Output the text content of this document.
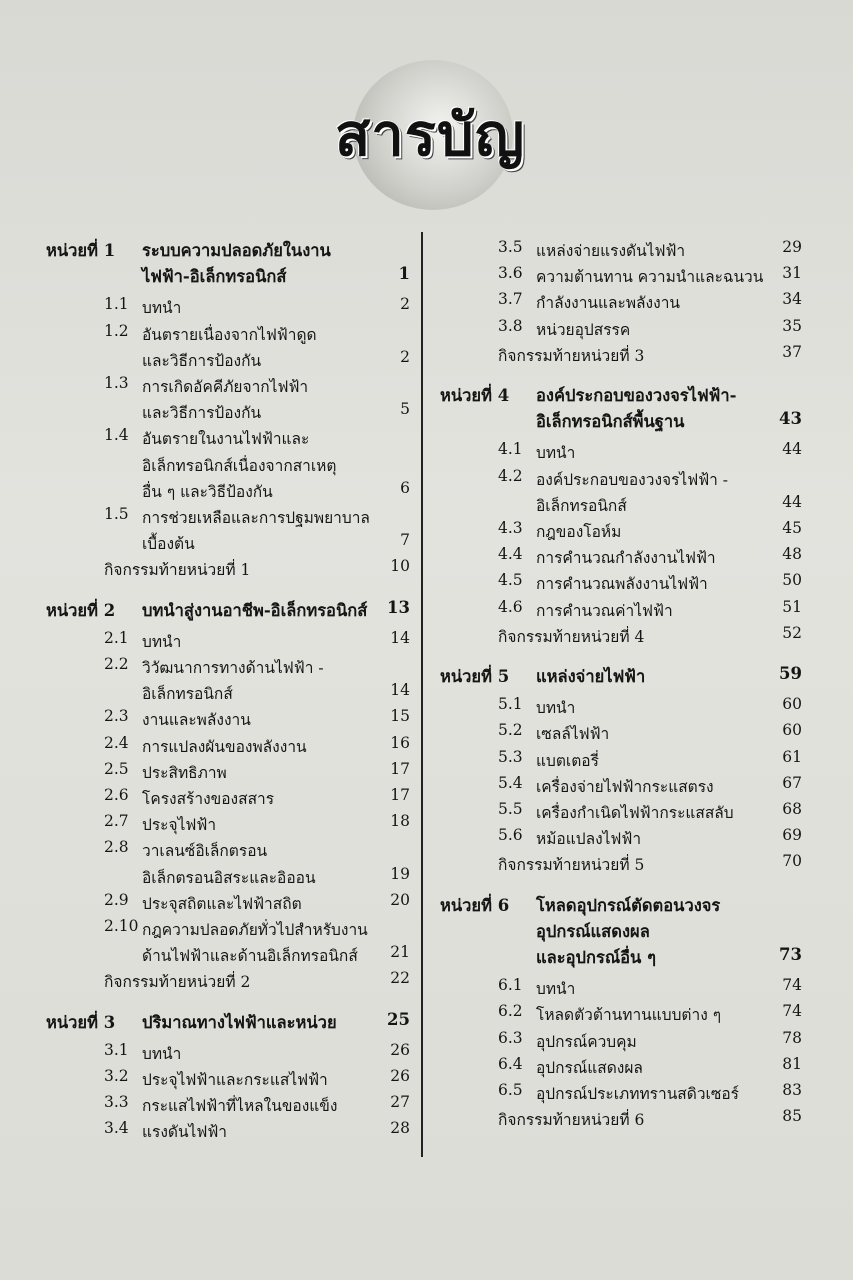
สารบัญ
หน่วยที่ 1 ระบบความปลอดภัยในงาน
ไฟฟ้า-อิเล็กทรอนิกส์	1
1.1 บทนำ	2
1.2 อันตรายเนื่องจากไฟฟ้าดูด
และวิธีการป้องกัน	2
1.3 การเกิดอัคคีภัยจากไฟฟ้า
และวิธีการป้องกัน	5
1.4 อันตรายในงานไฟฟ้าและ
อิเล็กทรอนิกส์เนื่องจากสาเหตุ
อื่น ๆ และวิธีป้องกัน	6
1.5 การช่วยเหลือและการปฐมพยาบาล
เบื้องต้น	7
กิจกรรมท้ายหน่วยที่ 1	10
หน่วยที่ 2 บทนำสู่งานอาชีพ-อิเล็กทรอนิกส์ 13
2.1 บทนำ	14
2.2 วิวัฒนาการทางด้านไฟฟ้า -
อิเล็กทรอนิกส์	14
2.3 งานและพลังงาน	15
2.4 การแปลงผันของพลังงาน	16
2.5 ประสิทธิภาพ	17
2.6 โครงสร้างของสสาร	17
2.7 ประจุไฟฟ้า	18
2.8 วาเลนซ์อิเล็กตรอน
อิเล็กตรอนอิสระและอิออน	19
2.9 ประจุสถิตและไฟฟ้าสถิต	20
2.10 กฎความปลอดภัยทั่วไปสำหรับงาน
ด้านไฟฟ้าและด้านอิเล็กทรอนิกส์ 21
กิจกรรมท้ายหน่วยที่ 2	22
หน่วยที่ 3 ปริมาณทางไฟฟ้าและหน่วย	25
3.1 บทนำ	26
3.2 ประจุไฟฟ้าและกระแสไฟฟ้า	26
3.3 กระแสไฟฟ้าที่ไหลในของแข็ง	27
3.4 แรงดันไฟฟ้า	28
3.5 แหล่งจ่ายแรงดันไฟฟ้า	29
3.6 ความต้านทาน ความนำและฉนวน 31
3.7 กำลังงานและพลังงาน	34
3.8 หน่วยอุปสรรค	35
กิจกรรมท้ายหน่วยที่ 3	37
หน่วยที่ 4 องค์ประกอบของวงจรไฟฟ้า-
อิเล็กทรอนิกส์พื้นฐาน	43
4.1 บทนำ	44
4.2 องค์ประกอบของวงจรไฟฟ้า -
อิเล็กทรอนิกส์	44
4.3 กฎของโอห์ม	45
4.4 การคำนวณกำลังงานไฟฟ้า	48
4.5 การคำนวณพลังงานไฟฟ้า	50
4.6 การคำนวณค่าไฟฟ้า	51
กิจกรรมท้ายหน่วยที่ 4	52
หน่วยที่ 5 แหล่งจ่ายไฟฟ้า	59
5.1 บทนำ	60
5.2 เซลล์ไฟฟ้า	60
5.3 แบตเตอรี่	61
5.4 เครื่องจ่ายไฟฟ้ากระแสตรง	67
5.5 เครื่องกำเนิดไฟฟ้ากระแสสลับ	68
5.6 หม้อแปลงไฟฟ้า	69
กิจกรรมท้ายหน่วยที่ 5	70
หน่วยที่ 6 โหลดอุปกรณ์ตัดตอนวงจร
อุปกรณ์แสดงผล
และอุปกรณ์อื่น ๆ	73
6.1 บทนำ	74
6.2 โหลดตัวต้านทานแบบต่าง ๆ	74
6.3 อุปกรณ์ควบคุม	78
6.4 อุปกรณ์แสดงผล	81
6.5 อุปกรณ์ประเภททรานสดิวเซอร์	83
กิจกรรมท้ายหน่วยที่ 6	85
